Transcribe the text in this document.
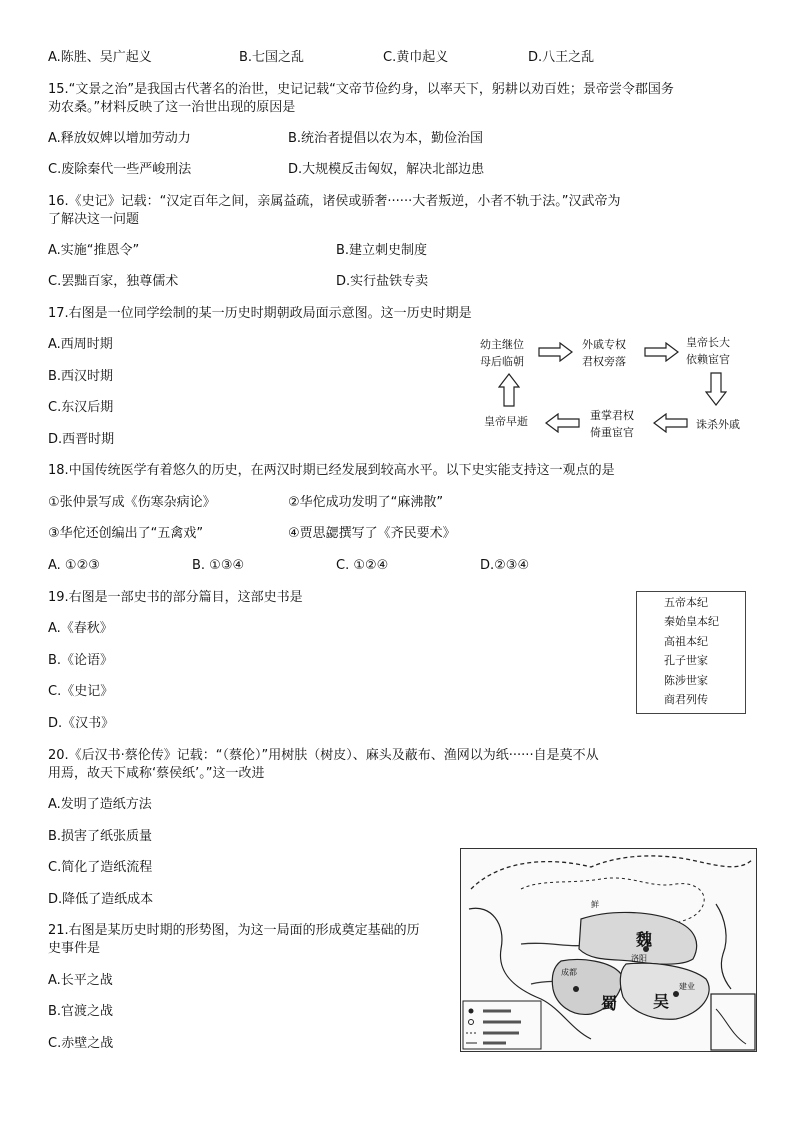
A.陈胜、吴广起义	B.七国之乱	C.黄巾起义	D.八王之乱
15.“文景之治”是我国古代著名的治世，史记记载“文帝节俭约身，以率天下，躬耕以劝百姓；景帝尝令郡国务
劝农桑。”材料反映了这一治世出现的原因是
A.释放奴婢以增加劳动力	B.统治者提倡以农为本，勤俭治国
C.废除秦代一些严峻刑法	D.大规模反击匈奴，解决北部边患
16.《史记》记载：“汉定百年之间，亲属益疏，诸侯或骄奢······大者叛逆，小者不轨于法。”汉武帝为
了解决这一问题
A.实施“推恩令”	B.建立刺史制度
C.罢黜百家，独尊儒术	D.实行盐铁专卖
17.右图是一位同学绘制的某一历史时期朝政局面示意图。这一历史时期是
A.西周时期
B.西汉时期
C.东汉后期
D.西晋时期
幼主继位
母后临朝
外戚专权
君权旁落
皇帝长大
依赖宦官
诛杀外戚
重掌君权
倚重宦官
皇帝早逝
18.中国传统医学有着悠久的历史，在两汉时期已经发展到较高水平。以下史实能支持这一观点的是
①张仲景写成《伤寒杂病论》	②华佗成功发明了“麻沸散”
③华佗还创编出了“五禽戏”	④贾思勰撰写了《齐民要术》
A. ①②③	B. ①③④	C. ①②④	D.②③④
19.右图是一部史书的部分篇目，这部史书是
A.《春秋》
B.《论语》
C.《史记》
D.《汉书》
五帝本纪
秦始皇本纪
高祖本纪
孔子世家
陈涉世家
商君列传
20.《后汉书·蔡伦传》记载：“（蔡伦）”用树肤（树皮）、麻头及蔽布、渔网以为纸······自是莫不从
用焉，故天下咸称‘蔡侯纸’。”这一改进
A.发明了造纸方法
B.损害了纸张质量
C.简化了造纸流程
D.降低了造纸成本
21.右图是某历史时期的形势图，为这一局面的形成奠定基础的历
史事件是
A.长平之战
B.官渡之战
C.赤壁之战
魏
蜀 吴
成都
洛阳
建业
鲜
